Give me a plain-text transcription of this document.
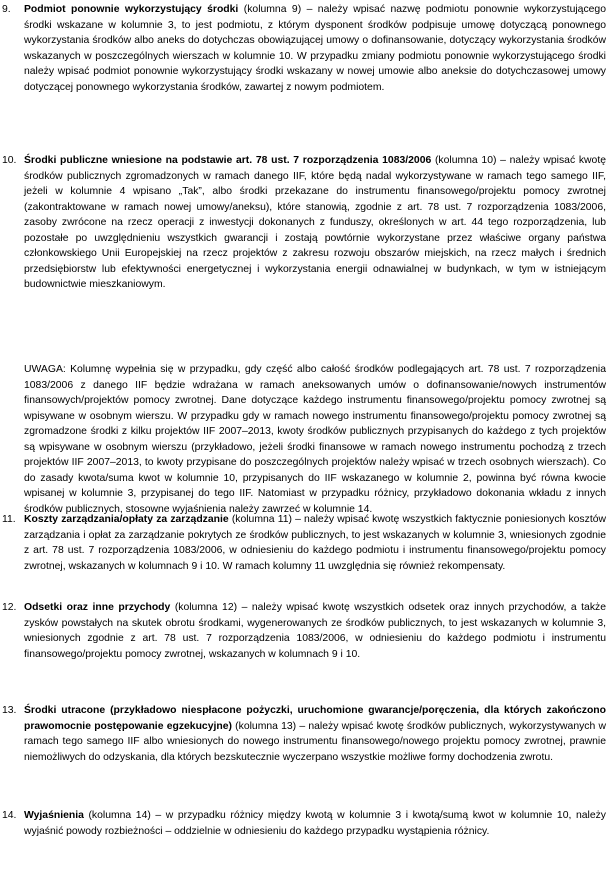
9. Podmiot ponownie wykorzystujący środki (kolumna 9) – należy wpisać nazwę podmiotu ponownie wykorzystującego środki wskazane w kolumnie 3, to jest podmiotu, z którym dysponent środków podpisuje umowę dotyczącą ponownego wykorzystania środków albo aneks do dotychczas obowiązującej umowy o dofinansowanie, dotyczący wykorzystania środków wskazanych w poszczególnych wierszach w kolumnie 10. W przypadku zmiany podmiotu ponownie wykorzystującego środki należy wpisać podmiot ponownie wykorzystujący środki wskazany w nowej umowie albo aneksie do dotychczasowej umowy dotyczącej ponownego wykorzystania środków, zawartej z nowym podmiotem.

10. Środki publiczne wniesione na podstawie art. 78 ust. 7 rozporządzenia 1083/2006 (kolumna 10) – należy wpisać kwotę środków publicznych zgromadzonych w ramach danego IIF, które będą nadal wykorzystywane w ramach tego samego IIF, jeżeli w kolumnie 4 wpisano „Tak”, albo środki przekazane do instrumentu finansowego/projektu pomocy zwrotnej (zakontraktowane w ramach nowej umowy/aneksu), które stanowią, zgodnie z art. 78 ust. 7 rozporządzenia 1083/2006, zasoby zwrócone na rzecz operacji z inwestycji dokonanych z funduszy, określonych w art. 44 tego rozporządzenia, lub pozostałe po uwzględnieniu wszystkich gwarancji i zostają powtórnie wykorzystane przez właściwe organy państwa członkowskiego Unii Europejskiej na rzecz projektów z zakresu rozwoju obszarów miejskich, na rzecz małych i średnich przedsiębiorstw lub efektywności energetycznej i wykorzystania energii odnawialnej w budynkach, w tym w istniejącym budownictwie mieszkaniowym.

UWAGA: Kolumnę wypełnia się w przypadku, gdy część albo całość środków podlegających art. 78 ust. 7 rozporządzenia 1083/2006 z danego IIF będzie wdrażana w ramach aneksowanych umów o dofinansowanie/nowych instrumentów finansowych/projektów pomocy zwrotnej. Dane dotyczące każdego instrumentu finansowego/projektu pomocy zwrotnej są wpisywane w osobnym wierszu. W przypadku gdy w ramach nowego instrumentu finansowego/projektu pomocy zwrotnej są zgromadzone środki z kilku projektów IIF 2007–2013, kwoty środków publicznych przypisanych do każdego z tych projektów są wpisywane w osobnym wierszu (przykładowo, jeżeli środki finansowe w ramach nowego instrumentu pochodzą z trzech projektów IIF 2007–2013, to kwoty przypisane do poszczególnych projektów należy wpisać w trzech osobnych wierszach). Co do zasady kwota/suma kwot w kolumnie 10, przypisanych do IIF wskazanego w kolumnie 2, powinna być równa kwocie wpisanej w kolumnie 3, przypisanej do tego IIF. Natomiast w przypadku różnicy, przykładowo dokonania wkładu z innych środków publicznych, stosowne wyjaśnienia należy zawrzeć w kolumnie 14.

11. Koszty zarządzania/opłaty za zarządzanie (kolumna 11) – należy wpisać kwotę wszystkich faktycznie poniesionych kosztów zarządzania i opłat za zarządzanie pokrytych ze środków publicznych, to jest wskazanych w kolumnie 3, wniesionych zgodnie z art. 78 ust. 7 rozporządzenia 1083/2006, w odniesieniu do każdego podmiotu i instrumentu finansowego/projektu pomocy zwrotnej, wskazanych w kolumnach 9 i 10. W ramach kolumny 11 uwzględnia się również rekompensaty.

12. Odsetki oraz inne przychody (kolumna 12) – należy wpisać kwotę wszystkich odsetek oraz innych przychodów, a także zysków powstałych na skutek obrotu środkami, wygenerowanych ze środków publicznych, to jest wskazanych w kolumnie 3, wniesionych zgodnie z art. 78 ust. 7 rozporządzenia 1083/2006, w odniesieniu do każdego podmiotu i instrumentu finansowego/projektu pomocy zwrotnej, wskazanych w kolumnach 9 i 10.

13. Środki utracone (przykładowo niespłacone pożyczki, uruchomione gwarancje/poręczenia, dla których zakończono prawomocnie postępowanie egzekucyjne) (kolumna 13) – należy wpisać kwotę środków publicznych, wykorzystywanych w ramach tego samego IIF albo wniesionych do nowego instrumentu finansowego/nowego projektu pomocy zwrotnej, prawnie niemożliwych do odzyskania, dla których bezskutecznie wyczerpano wszystkie możliwe formy dochodzenia zwrotu.

14. Wyjaśnienia (kolumna 14) – w przypadku różnicy między kwotą w kolumnie 3 i kwotą/sumą kwot w kolumnie 10, należy wyjaśnić powody rozbieżności – oddzielnie w odniesieniu do każdego przypadku wystąpienia różnicy.
